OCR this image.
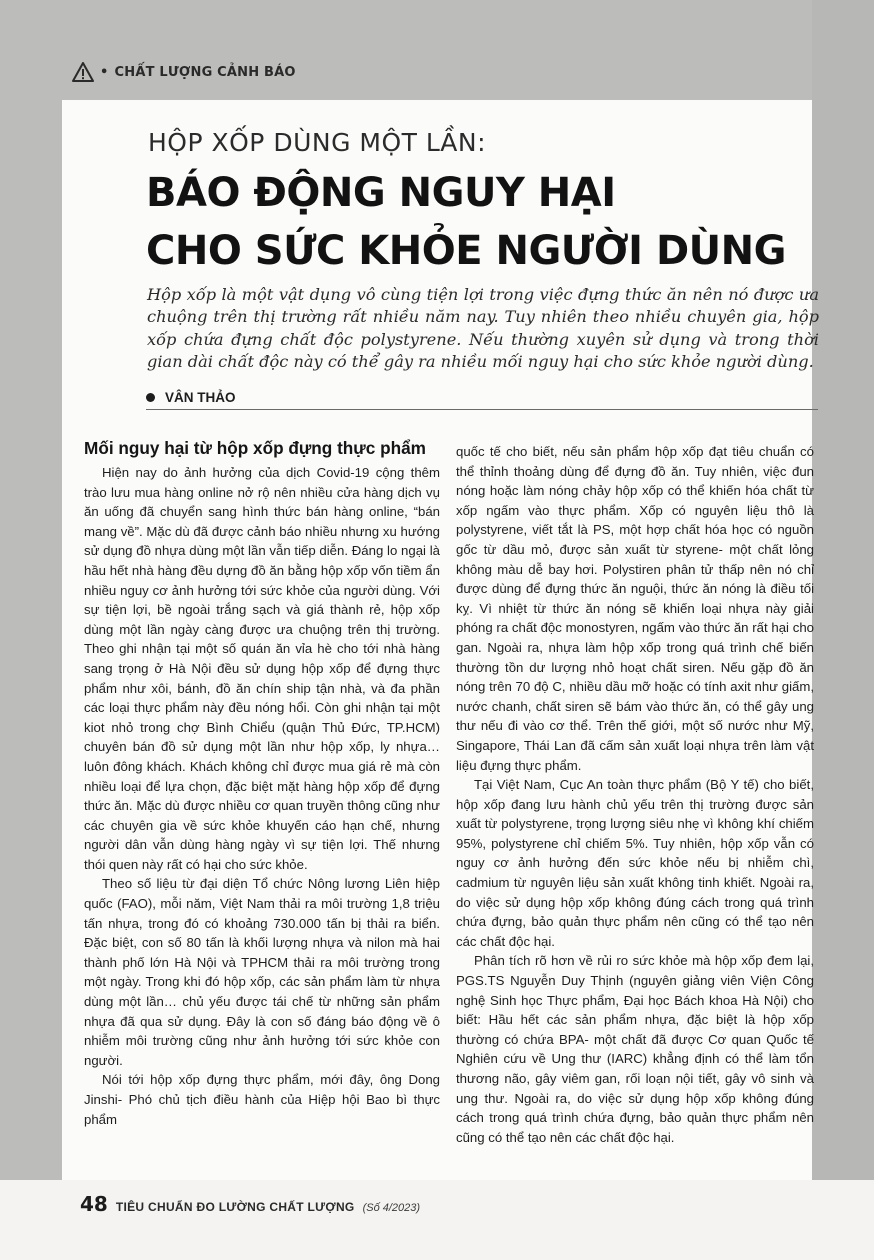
• CHẤT LƯỢNG CẢNH BÁO
HỘP XỐP DÙNG MỘT LẦN:
BÁO ĐỘNG NGUY HẠI
CHO SỨC KHỎE NGƯỜI DÙNG
Hộp xốp là một vật dụng vô cùng tiện lợi trong việc đựng thức ăn nên nó được ưa chuộng trên thị trường rất nhiều năm nay. Tuy nhiên theo nhiều chuyên gia, hộp xốp chứa đựng chất độc polystyrene. Nếu thường xuyên sử dụng và trong thời gian dài chất độc này có thể gây ra nhiều mối nguy hại cho sức khỏe người dùng.
VÂN THẢO
Mối nguy hại từ hộp xốp đựng thực phẩm

Hiện nay do ảnh hưởng của dịch Covid-19 cộng thêm trào lưu mua hàng online nở rộ nên nhiều cửa hàng dịch vụ ăn uống đã chuyển sang hình thức bán hàng online, “bán mang về”. Mặc dù đã được cảnh báo nhiều nhưng xu hướng sử dụng đồ nhựa dùng một lần vẫn tiếp diễn. Đáng lo ngại là hầu hết nhà hàng đều dựng đồ ăn bằng hộp xốp vốn tiềm ẩn nhiều nguy cơ ảnh hưởng tới sức khỏe của người dùng. Với sự tiện lợi, bề ngoài trắng sạch và giá thành rẻ, hộp xốp dùng một lần ngày càng được ưa chuộng trên thị trường. Theo ghi nhận tại một số quán ăn vỉa hè cho tới nhà hàng sang trọng ở Hà Nội đều sử dụng hộp xốp để đựng thực phẩm như xôi, bánh, đồ ăn chín ship tận nhà, và đa phần các loại thực phẩm này đều nóng hổi. Còn ghi nhận tại một kiot nhỏ trong chợ Bình Chiểu (quận Thủ Đức, TP.HCM) chuyên bán đồ sử dụng một lần như hộp xốp, ly nhựa… luôn đông khách. Khách không chỉ được mua giá rẻ mà còn nhiều loại để lựa chọn, đặc biệt mặt hàng hộp xốp để đựng thức ăn. Mặc dù được nhiều cơ quan truyền thông cũng như các chuyên gia về sức khỏe khuyến cáo hạn chế, nhưng người dân vẫn dùng hàng ngày vì sự tiện lợi. Thế nhưng thói quen này rất có hại cho sức khỏe.

Theo số liệu từ đại diện Tổ chức Nông lương Liên hiệp quốc (FAO), mỗi năm, Việt Nam thải ra môi trường 1,8 triệu tấn nhựa, trong đó có khoảng 730.000 tấn bị thải ra biển. Đặc biệt, con số 80 tấn là khối lượng nhựa và nilon mà hai thành phố lớn Hà Nội và TPHCM thải ra môi trường trong một ngày. Trong khi đó hộp xốp, các sản phẩm làm từ nhựa dùng một lần… chủ yếu được tái chế từ những sản phẩm nhựa đã qua sử dụng. Đây là con số đáng báo động về ô nhiễm môi trường cũng như ảnh hưởng tới sức khỏe con người.

Nói tới hộp xốp đựng thực phẩm, mới đây, ông Dong Jinshi- Phó chủ tịch điều hành của Hiệp hội Bao bì thực phẩm

quốc tế cho biết, nếu sản phẩm hộp xốp đạt tiêu chuẩn có thể thỉnh thoảng dùng để đựng đồ ăn. Tuy nhiên, việc đun nóng hoặc làm nóng chảy hộp xốp có thể khiến hóa chất từ xốp ngấm vào thực phẩm. Xốp có nguyên liệu thô là polystyrene, viết tắt là PS, một hợp chất hóa học có nguồn gốc từ dầu mỏ, được sản xuất từ styrene- một chất lỏng không màu dễ bay hơi. Polystiren phân tử thấp nên nó chỉ được dùng để đựng thức ăn nguội, thức ăn nóng là điều tối kỵ. Vì nhiệt từ thức ăn nóng sẽ khiến loại nhựa này giải phóng ra chất độc monostyren, ngấm vào thức ăn rất hại cho gan. Ngoài ra, nhựa làm hộp xốp trong quá trình chế biến thường tồn dư lượng nhỏ hoạt chất siren. Nếu gặp đồ ăn nóng trên 70 độ C, nhiều dầu mỡ hoặc có tính axit như giấm, nước chanh, chất siren sẽ bám vào thức ăn, có thể gây ung thư nếu đi vào cơ thể. Trên thế giới, một số nước như Mỹ, Singapore, Thái Lan đã cấm sản xuất loại nhựa trên làm vật liệu đựng thực phẩm.

Tại Việt Nam, Cục An toàn thực phẩm (Bộ Y tế) cho biết, hộp xốp đang lưu hành chủ yếu trên thị trường được sản xuất từ polystyrene, trọng lượng siêu nhẹ vì không khí chiếm 95%, polystyrene chỉ chiếm 5%. Tuy nhiên, hộp xốp vẫn có nguy cơ ảnh hưởng đến sức khỏe nếu bị nhiễm chì, cadmium từ nguyên liệu sản xuất không tinh khiết. Ngoài ra, do việc sử dụng hộp xốp không đúng cách trong quá trình chứa đựng, bảo quản thực phẩm nên cũng có thể tạo nên các chất độc hại.

Phân tích rõ hơn về rủi ro sức khỏe mà hộp xốp đem lại, PGS.TS Nguyễn Duy Thịnh (nguyên giảng viên Viện Công nghệ Sinh học Thực phẩm, Đại học Bách khoa Hà Nội) cho biết: Hầu hết các sản phẩm nhựa, đặc biệt là hộp xốp thường có chứa BPA- một chất đã được Cơ quan Quốc tế Nghiên cứu về Ung thư (IARC) khẳng định có thể làm tổn thương não, gây viêm gan, rối loạn nội tiết, gây vô sinh và ung thư. Ngoài ra, do việc sử dụng hộp xốp không đúng cách trong quá trình chứa đựng, bảo quản thực phẩm nên cũng có thể tạo nên các chất độc hại.

48 TIÊU CHUẨN ĐO LƯỜNG CHẤT LƯỢNG (Số 4/2023)
